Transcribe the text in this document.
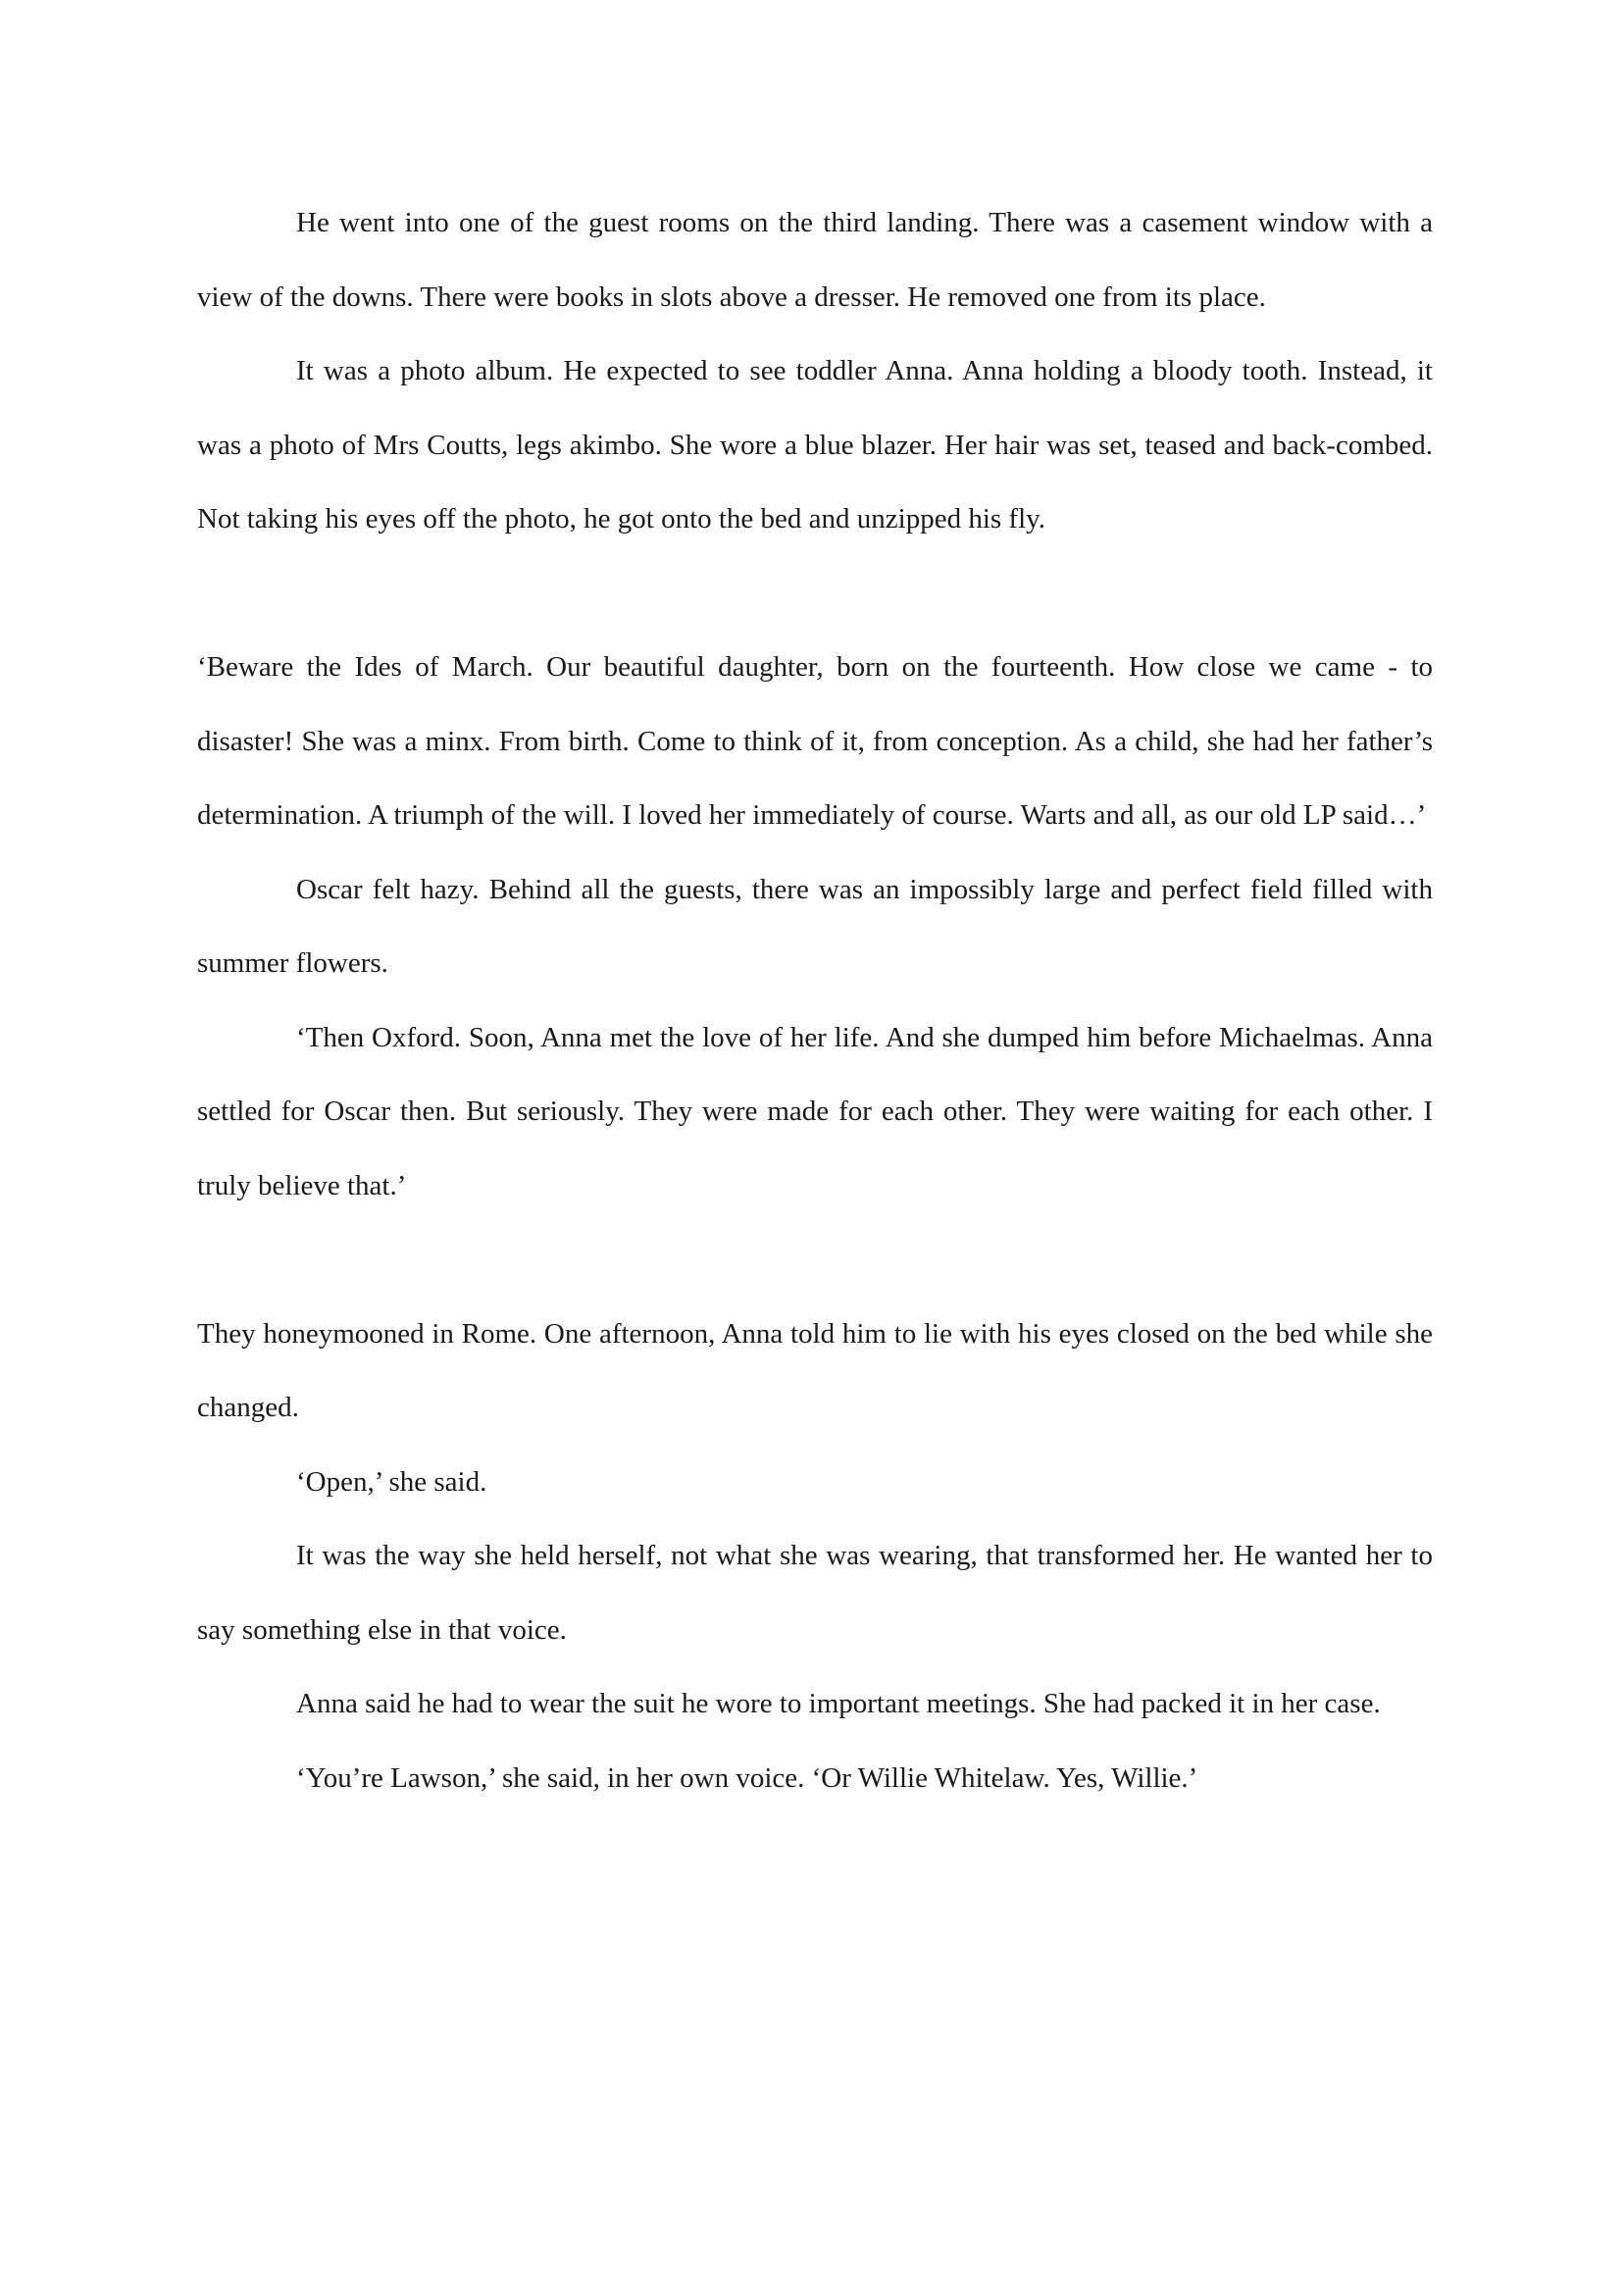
He went into one of the guest rooms on the third landing. There was a casement window with a view of the downs. There were books in slots above a dresser. He removed one from its place.

It was a photo album. He expected to see toddler Anna. Anna holding a bloody tooth. Instead, it was a photo of Mrs Coutts, legs akimbo. She wore a blue blazer. Her hair was set, teased and back-combed. Not taking his eyes off the photo, he got onto the bed and unzipped his fly.

‘Beware the Ides of March. Our beautiful daughter, born on the fourteenth. How close we came - to disaster! She was a minx. From birth. Come to think of it, from conception. As a child, she had her father’s determination. A triumph of the will. I loved her immediately of course. Warts and all, as our old LP said…’

Oscar felt hazy. Behind all the guests, there was an impossibly large and perfect field filled with summer flowers.

‘Then Oxford. Soon, Anna met the love of her life. And she dumped him before Michaelmas. Anna settled for Oscar then. But seriously. They were made for each other. They were waiting for each other. I truly believe that.’

They honeymooned in Rome. One afternoon, Anna told him to lie with his eyes closed on the bed while she changed.

‘Open,’ she said.

It was the way she held herself, not what she was wearing, that transformed her. He wanted her to say something else in that voice.

Anna said he had to wear the suit he wore to important meetings. She had packed it in her case.

‘You’re Lawson,’ she said, in her own voice. ‘Or Willie Whitelaw. Yes, Willie.’
